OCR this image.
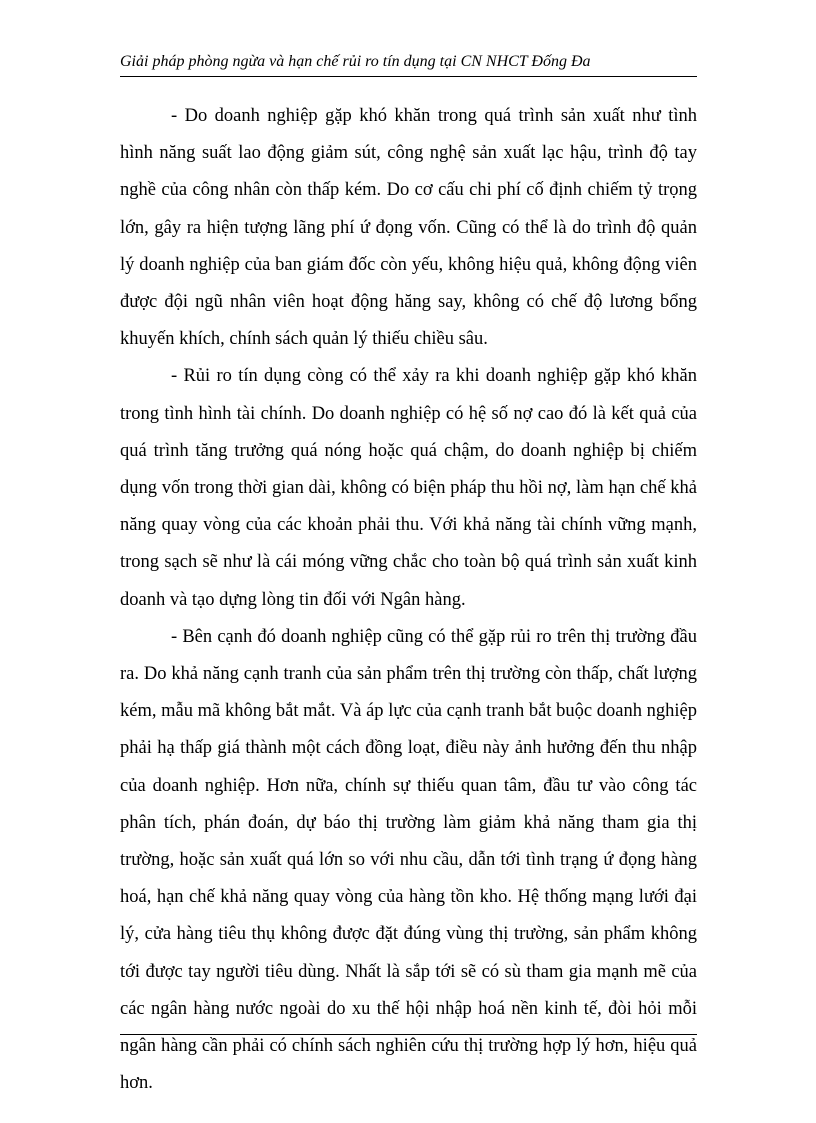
Giải pháp phòng ngừa và hạn chế rủi ro tín dụng tại CN NHCT Đống Đa

- Do doanh nghiệp gặp khó khăn trong quá trình sản xuất như tình hình năng suất lao động giảm sút, công nghệ sản xuất lạc hậu, trình độ tay nghề của công nhân còn thấp kém. Do cơ cấu chi phí cố định chiếm tỷ trọng lớn, gây ra hiện tượng lãng phí ứ đọng vốn. Cũng có thể là do trình độ quản lý doanh nghiệp của ban giám đốc còn yếu, không hiệu quả, không động viên được đội ngũ nhân viên hoạt động hăng say, không có chế độ lương bổng khuyến khích, chính sách quản lý thiếu chiều sâu.

- Rủi ro tín dụng còng có thể xảy ra khi doanh nghiệp gặp khó khăn trong tình hình tài chính. Do doanh nghiệp có hệ số nợ cao đó là kết quả của quá trình tăng trưởng quá nóng hoặc quá chậm, do doanh nghiệp bị chiếm dụng vốn trong thời gian dài, không có biện pháp thu hồi nợ, làm hạn chế khả năng quay vòng của các khoản phải thu. Với khả năng tài chính vững mạnh, trong sạch sẽ như là cái móng vững chắc cho toàn bộ quá trình sản xuất kinh doanh và tạo dựng lòng tin đối với Ngân hàng.

- Bên cạnh đó doanh nghiệp cũng có thể gặp rủi ro trên thị trường đầu ra. Do khả năng cạnh tranh của sản phẩm trên thị trường còn thấp, chất lượng kém, mẫu mã không bắt mắt. Và áp lực của cạnh tranh bắt buộc doanh nghiệp phải hạ thấp giá thành một cách đồng loạt, điều này ảnh hưởng đến thu nhập của doanh nghiệp. Hơn nữa, chính sự thiếu quan tâm, đầu tư vào công tác phân tích, phán đoán, dự báo thị trường làm giảm khả năng tham gia thị trường, hoặc sản xuất quá lớn so với nhu cầu, dẫn tới tình trạng ứ đọng hàng hoá, hạn chế khả năng quay vòng của hàng tồn kho. Hệ thống mạng lưới đại lý, cửa hàng tiêu thụ không được đặt đúng vùng thị trường, sản phẩm không tới được tay người tiêu dùng. Nhất là sắp tới sẽ có sù tham gia mạnh mẽ của các ngân hàng nước ngoài do xu thế hội nhập hoá nền kinh tế, đòi hỏi mỗi ngân hàng cần phải có chính sách nghiên cứu thị trường hợp lý hơn, hiệu quả hơn.
